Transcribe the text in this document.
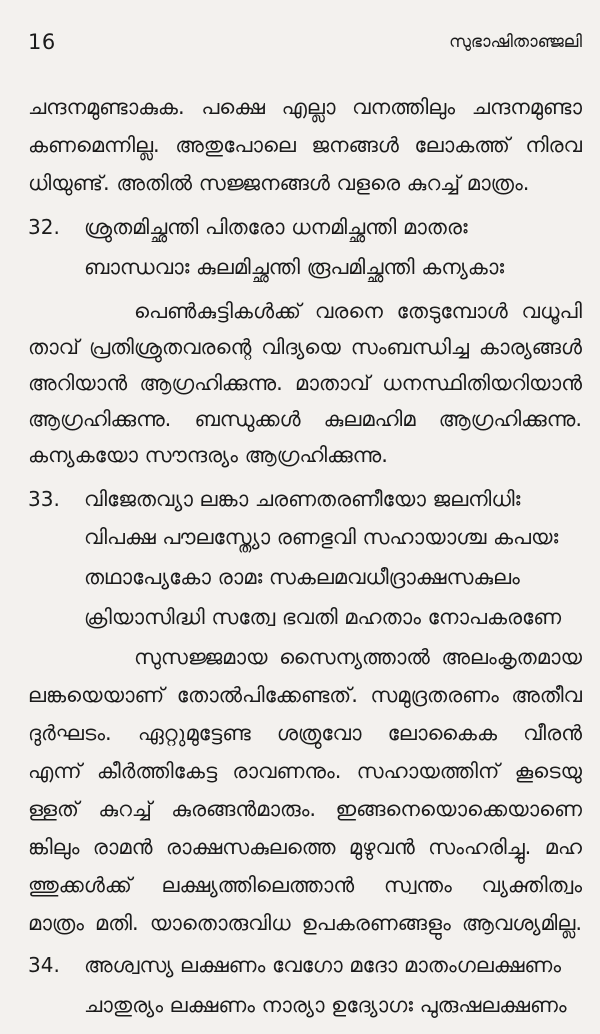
16	സുഭാഷിതാഞ്ജലി
ചന്ദനമുണ്ടാകുക. പക്ഷെ എല്ലാ വനത്തിലും ചന്ദനമുണ്ടാ
കണമെന്നില്ല. അതുപോലെ ജനങ്ങൾ ലോകത്ത് നിരവ
ധിയുണ്ട്. അതിൽ സജ്ജനങ്ങൾ വളരെ കുറച്ച് മാത്രം.
32. ശ്രുതമിച്ഛന്തി പിതരോ ധനമിച്ഛന്തി മാതരഃ
ബാന്ധവാഃ കുലമിച്ഛന്തി രൂപമിച്ഛന്തി കന്യകാഃ
പെൺകുട്ടികൾക്ക് വരനെ തേടുമ്പോൾ വധൂപി
താവ് പ്രതിശ്രുതവരന്റെ വിദ്യയെ സംബന്ധിച്ച കാര്യങ്ങൾ
അറിയാൻ ആഗ്രഹിക്കുന്നു. മാതാവ് ധനസ്ഥിതിയറിയാൻ
ആഗ്രഹിക്കുന്നു. ബന്ധുക്കൾ കുലമഹിമ ആഗ്രഹിക്കുന്നു.
കന്യകയോ സൗന്ദര്യം ആഗ്രഹിക്കുന്നു.
33. വിജേതവ്യാ ലങ്കാ ചരണതരണീയോ ജലനിധിഃ
വിപക്ഷ പൗലസ്ത്യോ രണഭുവി സഹായാശ്ച കപയഃ
തഥാപ്യേകോ രാമഃ സകലമവധീദ്രാക്ഷസകുലം
ക്രിയാസിദ്ധി സത്വേ ഭവതി മഹതാം നോപകരണേ
സുസജ്ജമായ സൈന്യത്താൽ അലംകൃതമായ
ലങ്കയെയാണ് തോൽപിക്കേണ്ടത്. സമുദ്രതരണം അതീവ
ദുർഘടം. ഏറ്റുമുട്ടേണ്ട ശത്രുവോ ലോകൈക വീരൻ
എന്ന് കീർത്തികേട്ട രാവണനും. സഹായത്തിന് കൂടെയു
ള്ളത് കുറച്ച് കുരങ്ങൻമാരും. ഇങ്ങനെയൊക്കെയാണെ
ങ്കിലും രാമൻ രാക്ഷസകുലത്തെ മുഴുവൻ സംഹരിച്ചു. മഹ
ത്തുക്കൾക്ക് ലക്ഷ്യത്തിലെത്താൻ സ്വന്തം വ്യക്തിത്വം
മാത്രം മതി. യാതൊരുവിധ ഉപകരണങ്ങളും ആവശ്യമില്ല.
34. അശ്വസ്യ ലക്ഷണം വേഗോ മദോ മാതംഗലക്ഷണം
ചാതുര്യം ലക്ഷണം നാര്യാ ഉദ്യോഗഃ പുരുഷലക്ഷണം
